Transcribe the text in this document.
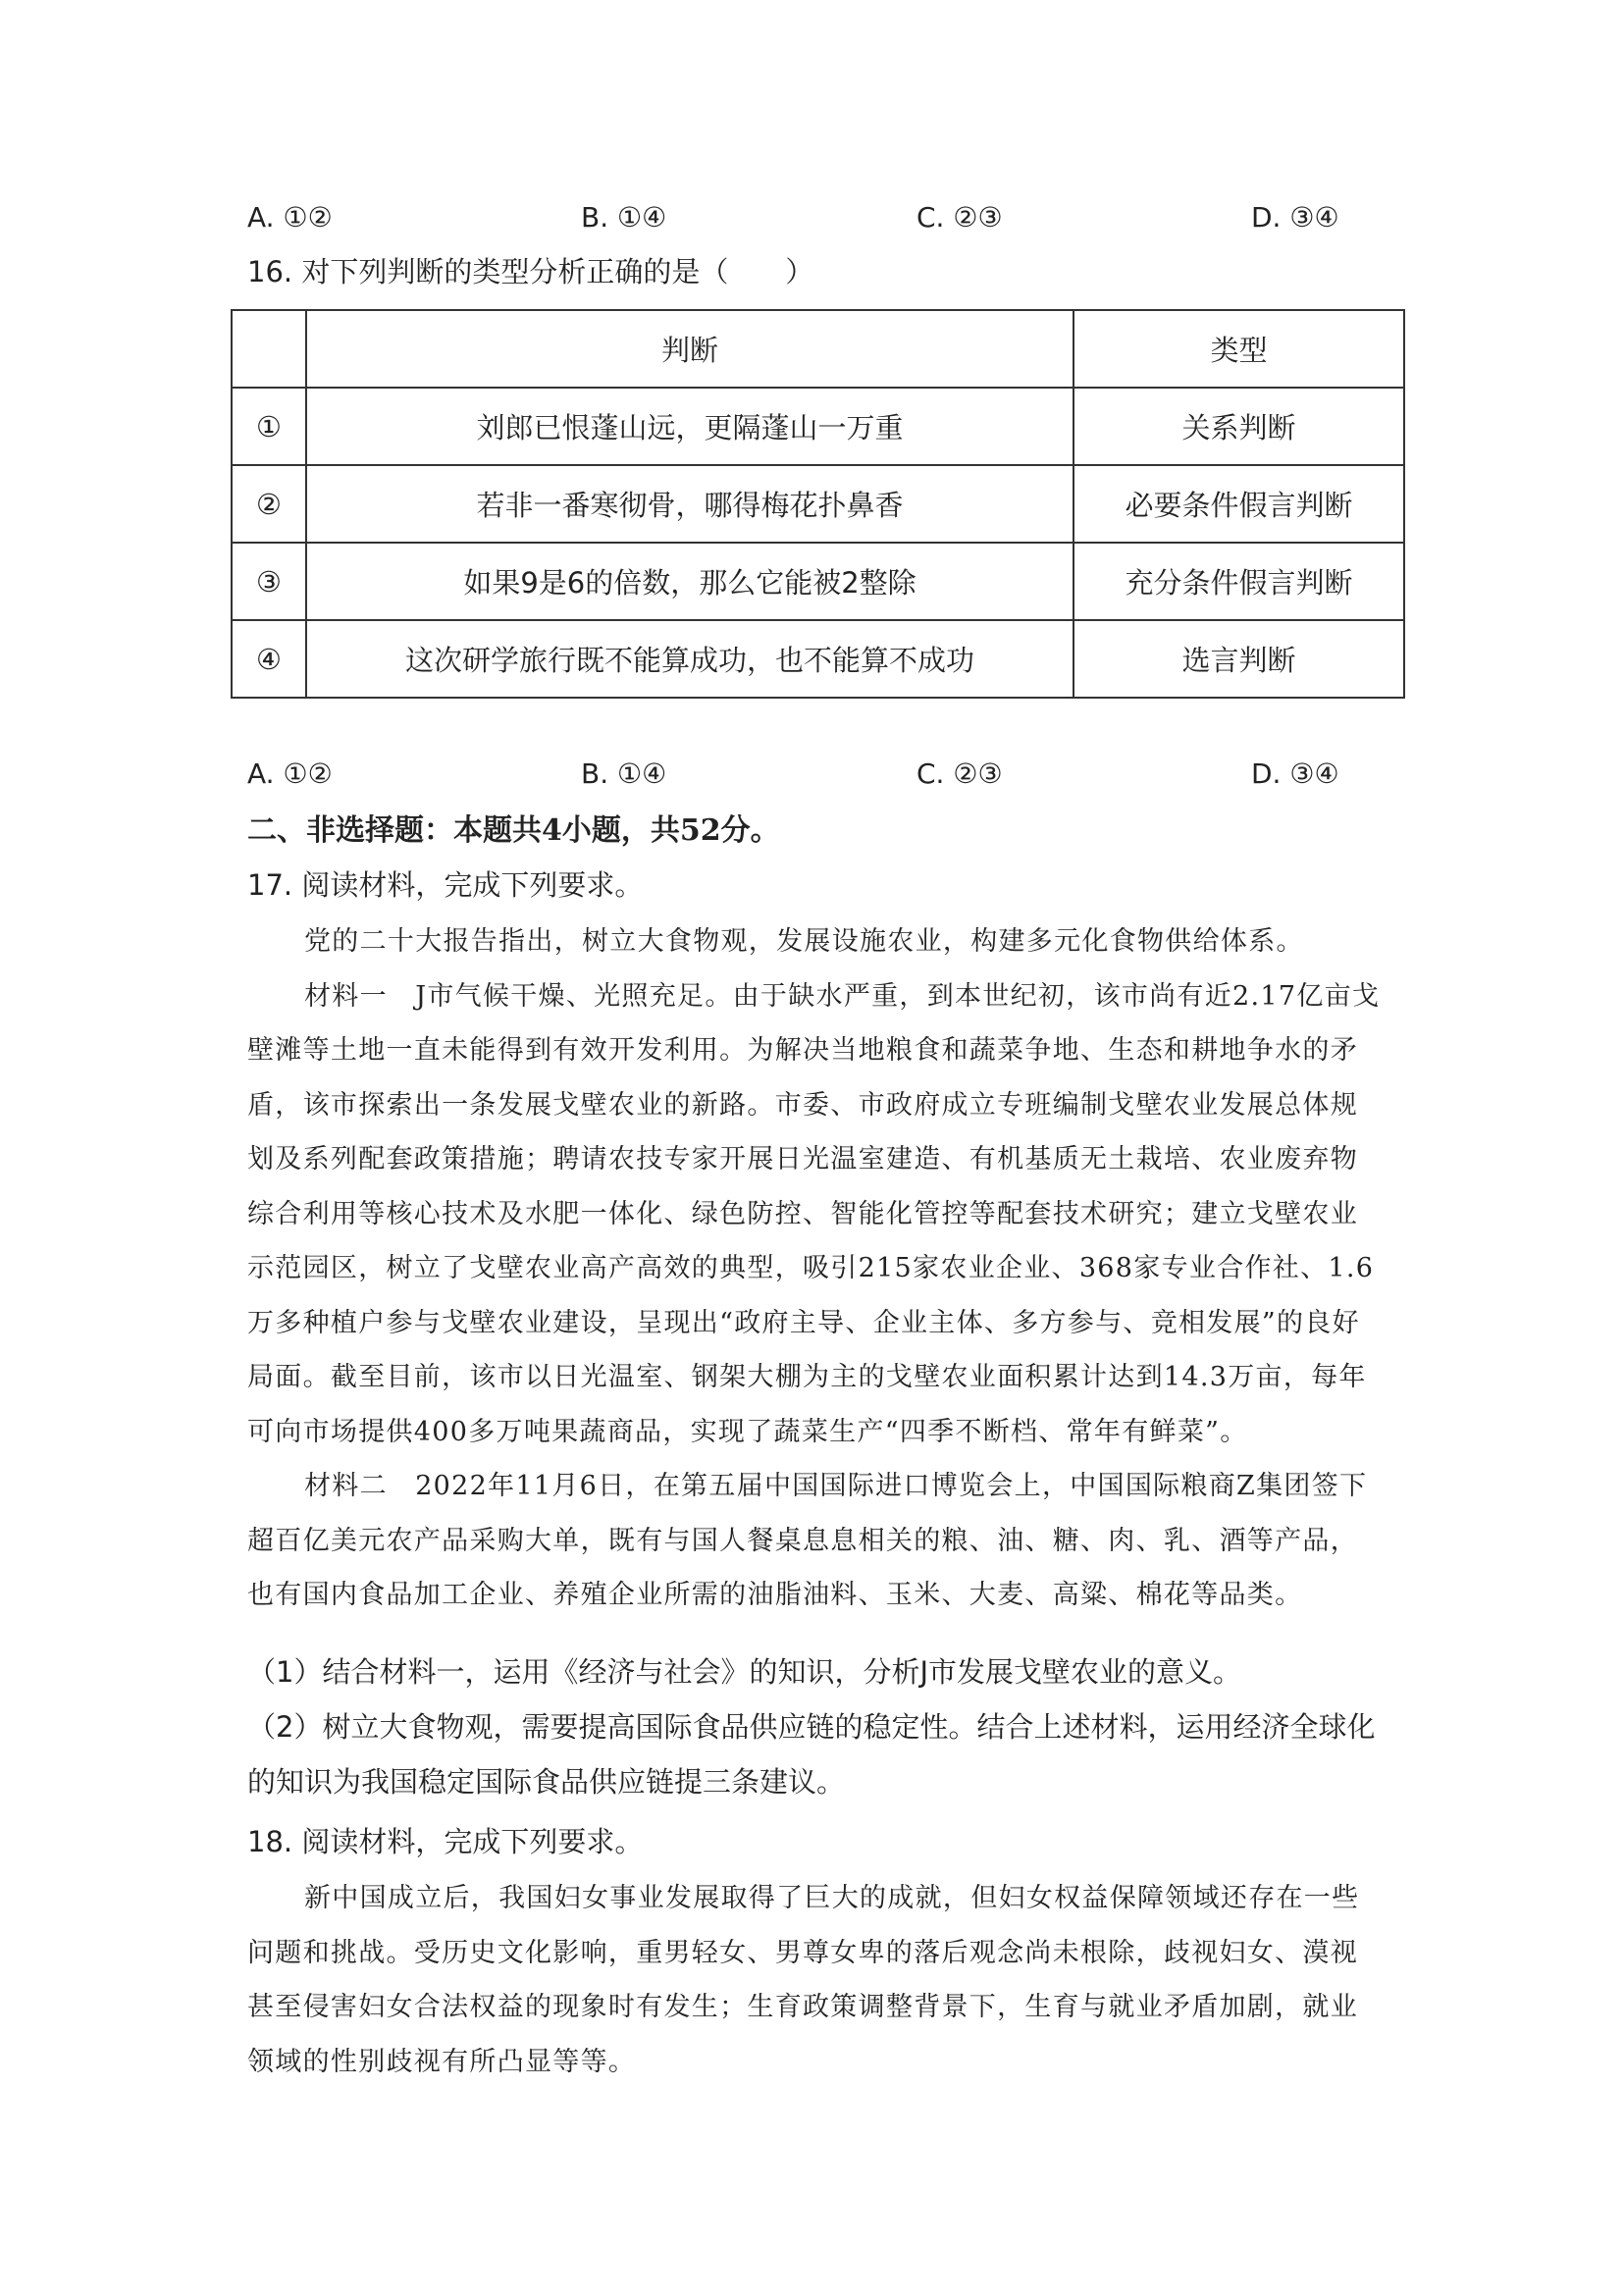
A. ①②	B. ①④	C. ②③	D. ③④
16. 对下列判断的类型分析正确的是（　　）
	判断	类型
①	刘郎已恨蓬山远，更隔蓬山一万重	关系判断
②	若非一番寒彻骨，哪得梅花扑鼻香	必要条件假言判断
③	如果9是6的倍数，那么它能被2整除	充分条件假言判断
④	这次研学旅行既不能算成功，也不能算不成功	选言判断
A. ①②	B. ①④	C. ②③	D. ③④
二、非选择题：本题共4小题，共52分。
17. 阅读材料，完成下列要求。

党的二十大报告指出，树立大食物观，发展设施农业，构建多元化食物供给体系。

材料一　J市气候干燥、光照充足。由于缺水严重，到本世纪初，该市尚有近2.17亿亩戈壁滩等土地一直未能得到有效开发利用。为解决当地粮食和蔬菜争地、生态和耕地争水的矛盾，该市探索出一条发展戈壁农业的新路。市委、市政府成立专班编制戈壁农业发展总体规划及系列配套政策措施；聘请农技专家开展日光温室建造、有机基质无土栽培、农业废弃物综合利用等核心技术及水肥一体化、绿色防控、智能化管控等配套技术研究；建立戈壁农业示范园区，树立了戈壁农业高产高效的典型，吸引215家农业企业、368家专业合作社、1.6万多种植户参与戈壁农业建设，呈现出“政府主导、企业主体、多方参与、竞相发展”的良好局面。截至目前，该市以日光温室、钢架大棚为主的戈壁农业面积累计达到14.3万亩，每年可向市场提供400多万吨果蔬商品，实现了蔬菜生产“四季不断档、常年有鲜菜”。

材料二　2022年11月6日，在第五届中国国际进口博览会上，中国国际粮商Z集团签下超百亿美元农产品采购大单，既有与国人餐桌息息相关的粮、油、糖、肉、乳、酒等产品，也有国内食品加工企业、养殖企业所需的油脂油料、玉米、大麦、高粱、棉花等品类。

（1）结合材料一，运用《经济与社会》的知识，分析J市发展戈壁农业的意义。

（2）树立大食物观，需要提高国际食品供应链的稳定性。结合上述材料，运用经济全球化的知识为我国稳定国际食品供应链提三条建议。

18. 阅读材料，完成下列要求。

新中国成立后，我国妇女事业发展取得了巨大的成就，但妇女权益保障领域还存在一些问题和挑战。受历史文化影响，重男轻女、男尊女卑的落后观念尚未根除，歧视妇女、漠视甚至侵害妇女合法权益的现象时有发生；生育政策调整背景下，生育与就业矛盾加剧，就业领域的性别歧视有所凸显等等。
